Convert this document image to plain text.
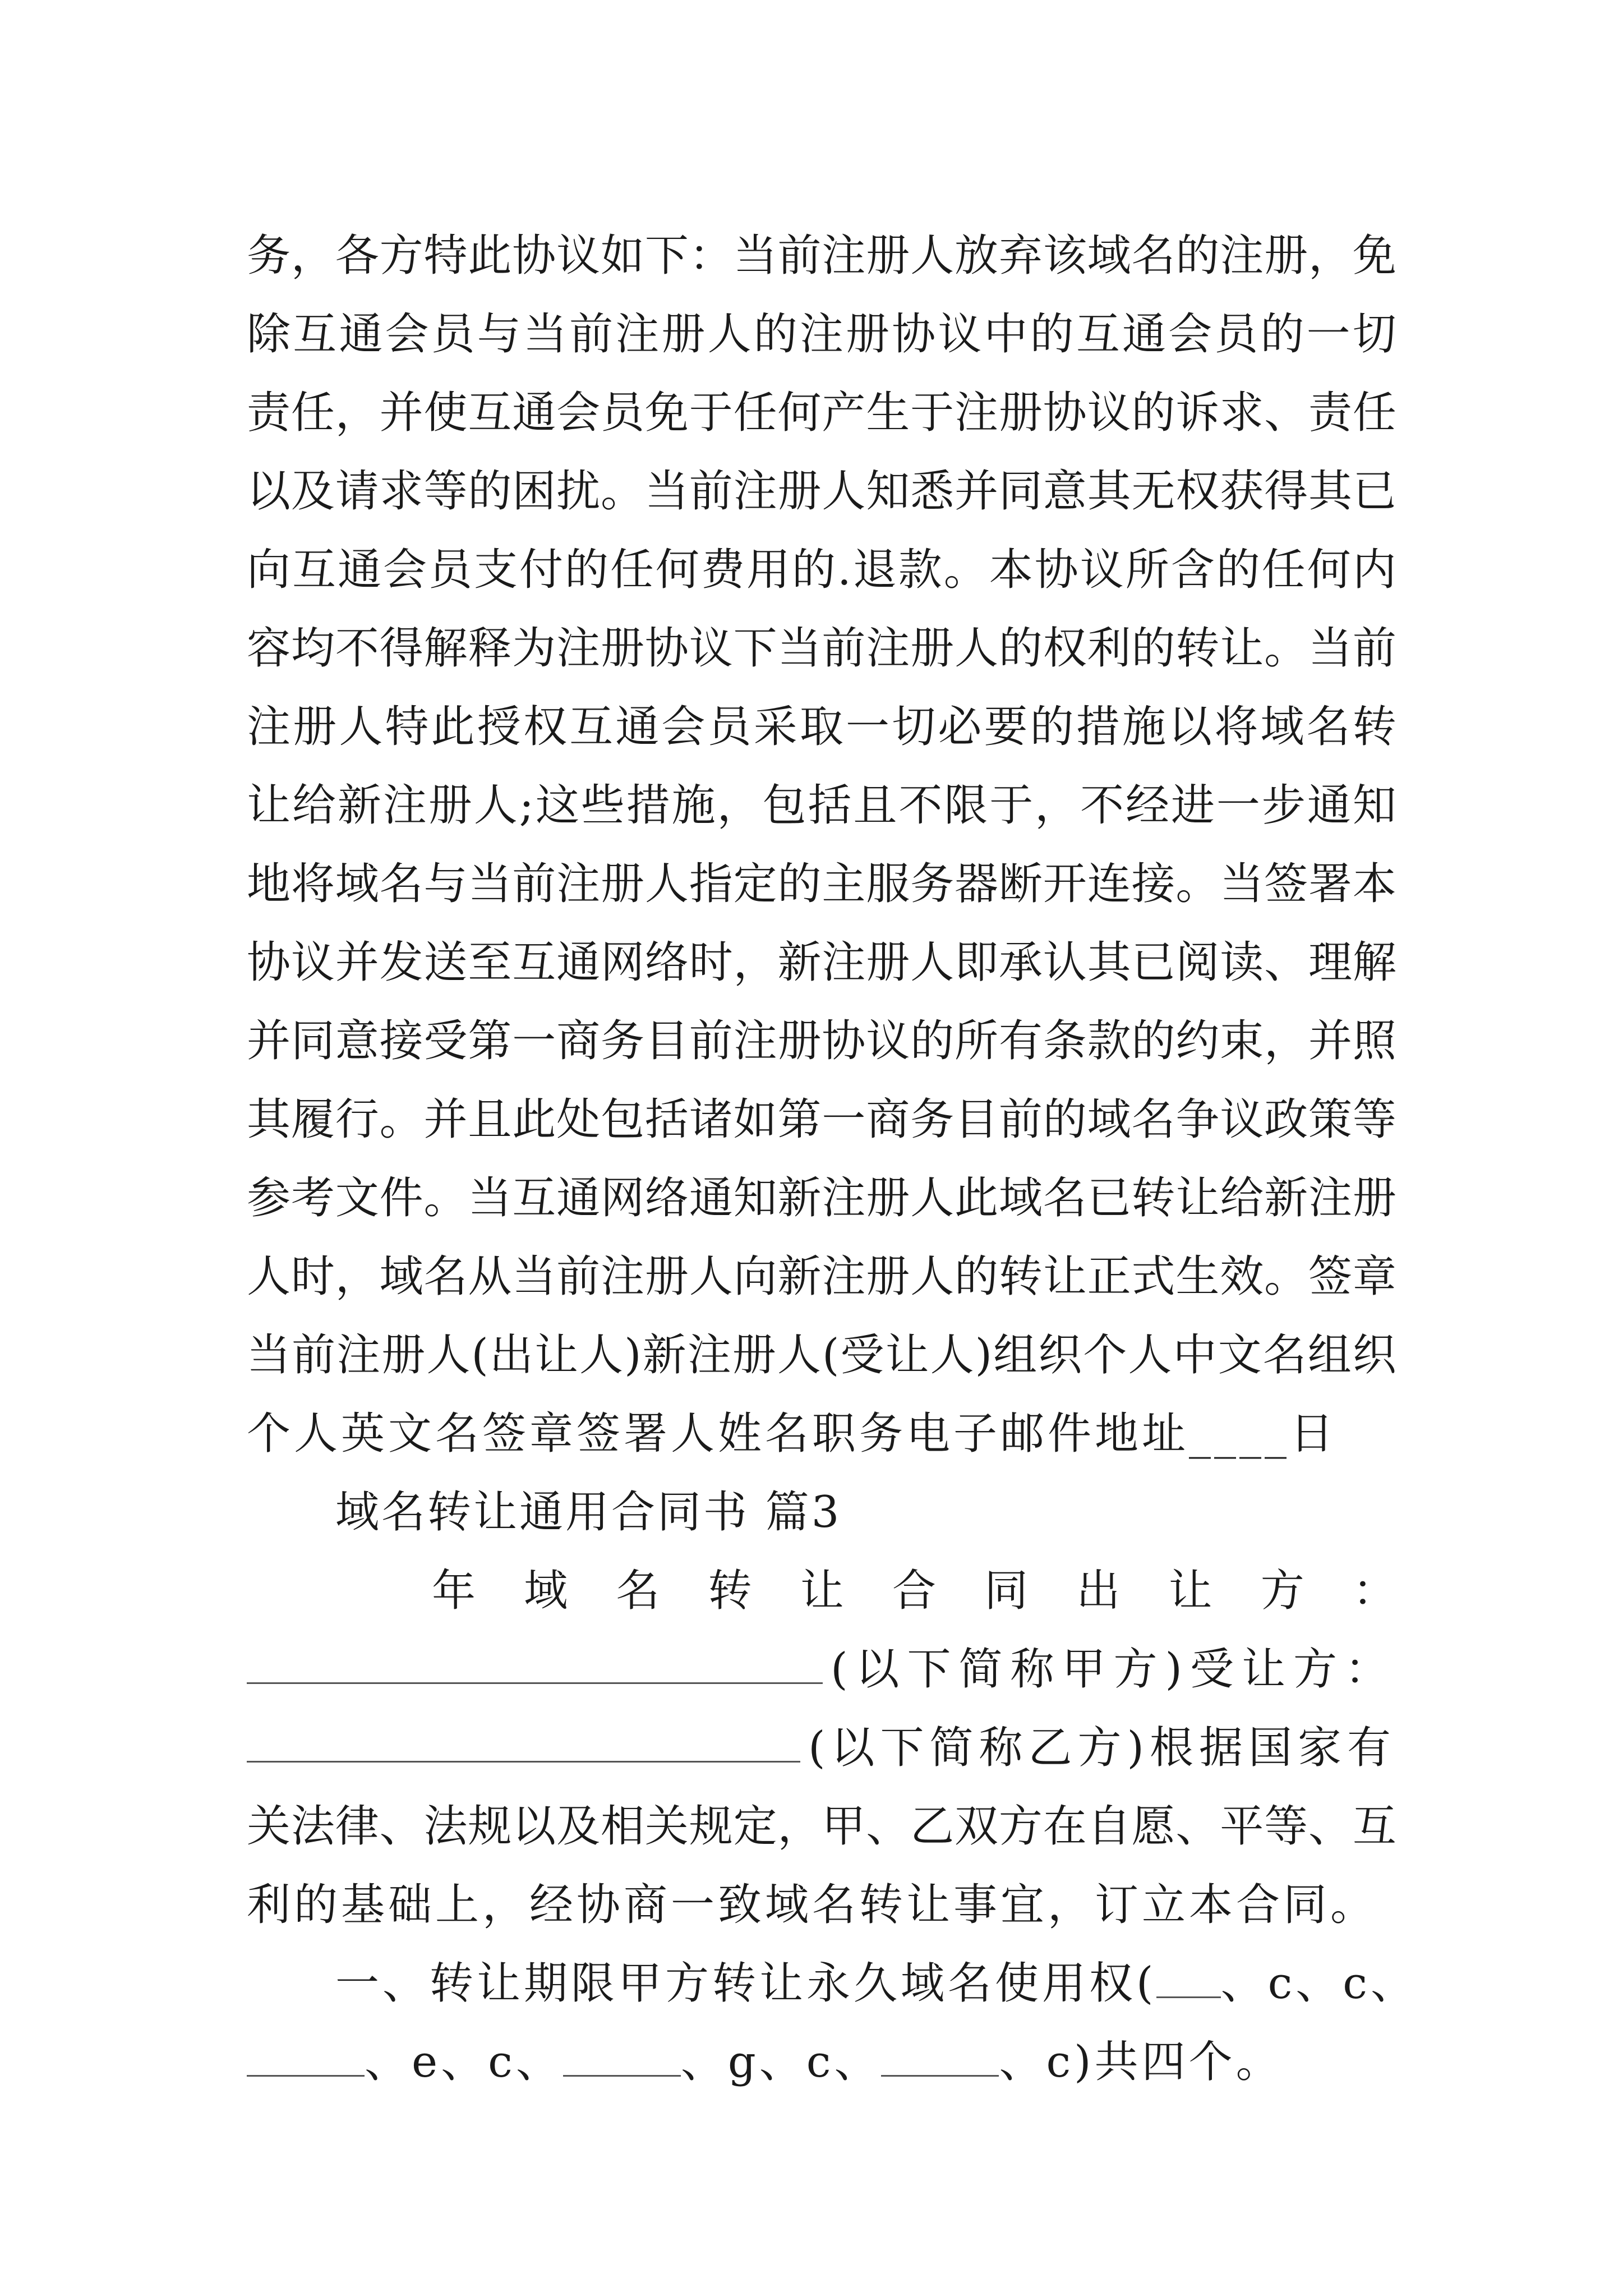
务 ， 各 方 特 此 协 议 如 下 ： 当 前 注 册 人 放 弃 该 域 名 的 注 册 ， 免
除 互 通 会 员 与 当 前 注 册 人 的 注 册 协 议 中 的 互 通 会 员 的 一 切
责 任 ， 并 使 互 通 会 员 免 于 任 何 产 生 于 注 册 协 议 的 诉 求 、 责 任
以 及 请 求 等 的 困 扰 。 当 前 注 册 人 知 悉 并 同 意 其 无 权 获 得 其 已
向 互 通 会 员 支 付 的 任 何 费 用 的 . 退 款 。 本 协 议 所 含 的 任 何 内
容 均 不 得 解 释 为 注 册 协 议 下 当 前 注 册 人 的 权 利 的 转 让 。 当 前
注 册 人 特 此 授 权 互 通 会 员 采 取 一 切 必 要 的 措 施 以 将 域 名 转
让 给 新 注 册 人 ; 这 些 措 施 ， 包 括 且 不 限 于 ， 不 经 进 一 步 通 知
地 将 域 名 与 当 前 注 册 人 指 定 的 主 服 务 器 断 开 连 接 。 当 签 署 本
协 议 并 发 送 至 互 通 网 络 时 ， 新 注 册 人 即 承 认 其 已 阅 读 、 理 解
并 同 意 接 受 第 一 商 务 目 前 注 册 协 议 的 所 有 条 款 的 约 束 ， 并 照
其 履 行 。 并 且 此 处 包 括 诸 如 第 一 商 务 目 前 的 域 名 争 议 政 策 等
参 考 文 件 。 当 互 通 网 络 通 知 新 注 册 人 此 域 名 已 转 让 给 新 注 册
人 时 ， 域 名 从 当 前 注 册 人 向 新 注 册 人 的 转 让 正 式 生 效 。 签 章
当 前 注 册 人 ( 出 让 人 ) 新 注 册 人 ( 受 让 人 ) 组 织 个 人 中 文 名 组 织
个人英文名签章签署人姓名职务电子邮件地址____日
域名转让通用合同书 篇3
年 域 名 转 让 合 同 出 让 方 ：
(以下简称甲方)受让方：
(以下简称乙方)根据国家有
关 法 律 、 法 规 以 及 相 关 规 定 ， 甲 、 乙 双 方 在 自 愿 、 平 等 、 互
利的基础上，经协商一致域名转让事宜，订立本合同。
一、转让期限甲方转让永久域名使用权( 、c、c、
、e、c、	、g、c、	、c)共四个。
